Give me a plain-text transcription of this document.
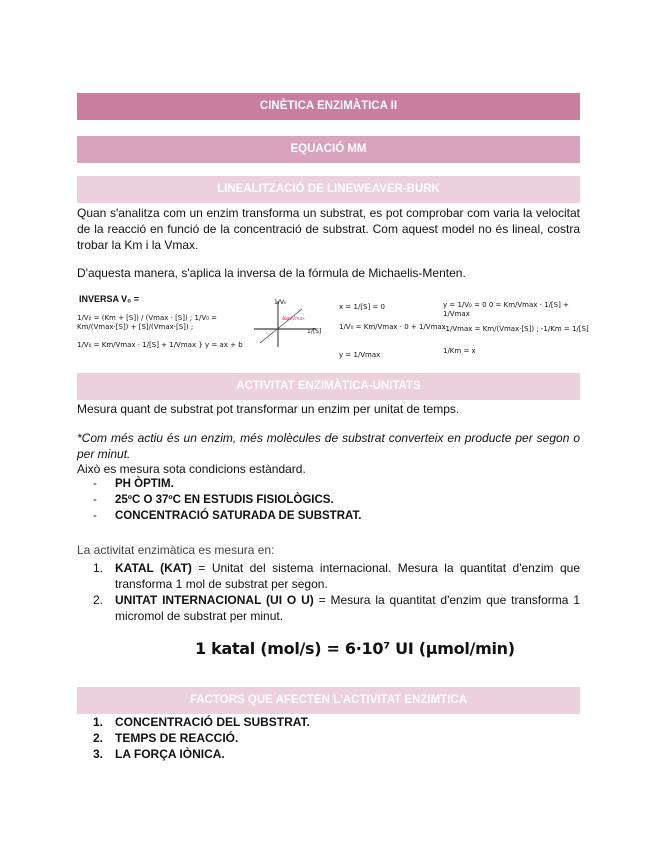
CINÈTICA ENZIMÀTICA II
EQUACIÓ MM
LINEALITZACIÓ DE LINEWEAVER-BURK

Quan s'analitza com un enzim transforma un substrat, es pot comprobar com varia la velocitat de la reacció en funció de la concentració de substrat. Com aquest model no és lineal, costra trobar la Km i la Vmax.

D'aquesta manera, s'aplica la inversa de la fórmula de Michaelis-Menten.

INVERSA V₀ =
1/V₀ = (Km + [S]) / (Vmax · [S]) ; 1/V₀ = Km/(Vmax·[S]) + [S]/(Vmax·[S]) ;
1/V₀ = Km/Vmax · 1/[S] + 1/Vmax } y = ax + b
1/V₀
1/[S]
Km/Vmax
x = 1/[S] = 0
1/V₀ = Km/Vmax · 0 + 1/Vmax
y = 1/Vmax
y = 1/V₀ = 0 0 = Km/Vmax · 1/[S] + 1/Vmax
-1/Vmax = Km/(Vmax·[S]) ; -1/Km = 1/[S]
1/Km = x
ACTIVITAT ENZIMÀTICA-UNITATS

Mesura quant de substrat pot transformar un enzim per unitat de temps.

*Com més actiu és un enzim, més molècules de substrat converteix en producte per segon o per minut.

Això es mesura sota condicions estàndard.

- PH ÒPTIM.
- 25ºC O 37ºC EN ESTUDIS FISIOLÒGICS.
- CONCENTRACIÓ SATURADA DE SUBSTRAT.

La activitat enzimàtica es mesura en:

1. KATAL (KAT) = Unitat del sistema internacional. Mesura la quantitat d'enzim que transforma 1 mol de substrat per segon.
2. UNITAT INTERNACIONAL (UI O U) = Mesura la quantitat d'enzim que transforma 1 micromol de substrat per minut.
1 katal (mol/s) = 6·10⁷ UI (µmol/min)
FACTORS QUE AFECTEN L'ACTIVITAT ENZIMTICA
1. CONCENTRACIÓ DEL SUBSTRAT.
2. TEMPS DE REACCIÓ.
3. LA FORÇA IÒNICA.
